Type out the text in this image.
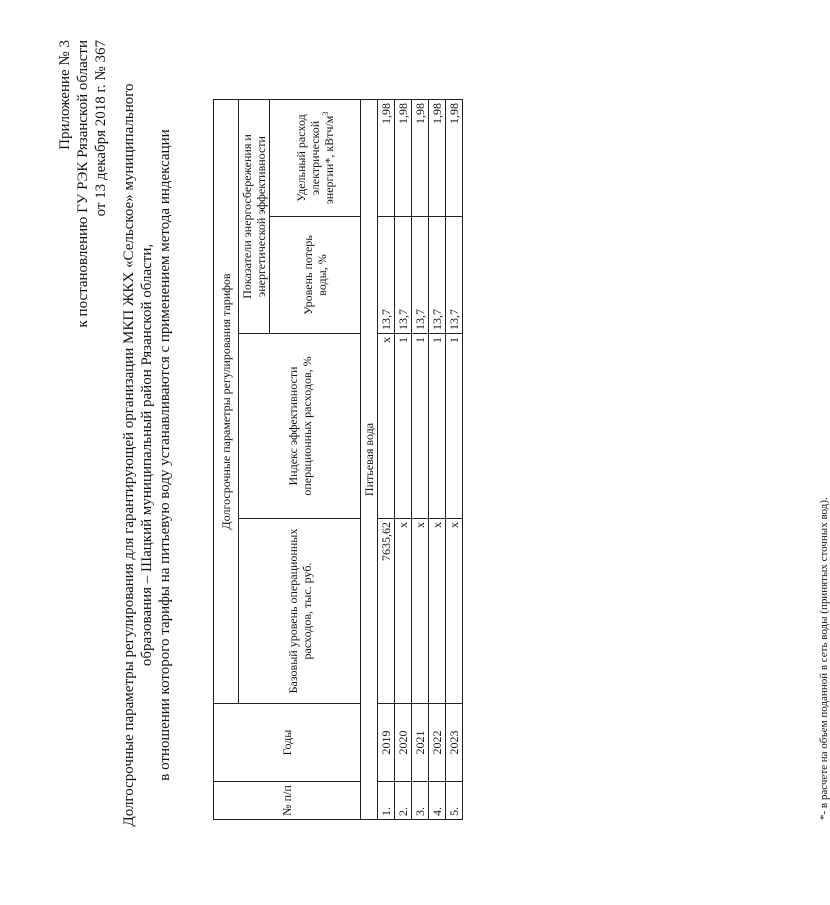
Приложение № 3 к постановлению ГУ РЭК Рязанской области от 13 декабря 2018 г. № 367 Долгосрочные параметры регулирования для гарантирующей организации МКП ЖКХ «Сельское» муниципального образования – Шацкий муниципальный район Рязанской области, в отношении которого тарифы на питьевую воду устанавливаются с применением метода индексации
№ п/п	Годы	Долгосрочные параметры регулирования тарифов			
		Базовый уровень операционных расходов, тыс. руб.	Индекс эффективности операционных расходов, %	Показатели энергосбережения и энергетической эффективности	
				Уровень потерь воды, %	Удельный расход электрической энергии*, кВтч/$м^3$
Питьевая вода					
1.	2019	7635,62	х	13,7	1,98
2.	2020	х	1	13,7	1,98
3.	2021	х	1	13,7	1,98
4.	2022	х	1	13,7	1,98
5.	2023	х	1	13,7	1,98
*- в расчете на объем поданной в сеть воды (принятых сточных вод).
